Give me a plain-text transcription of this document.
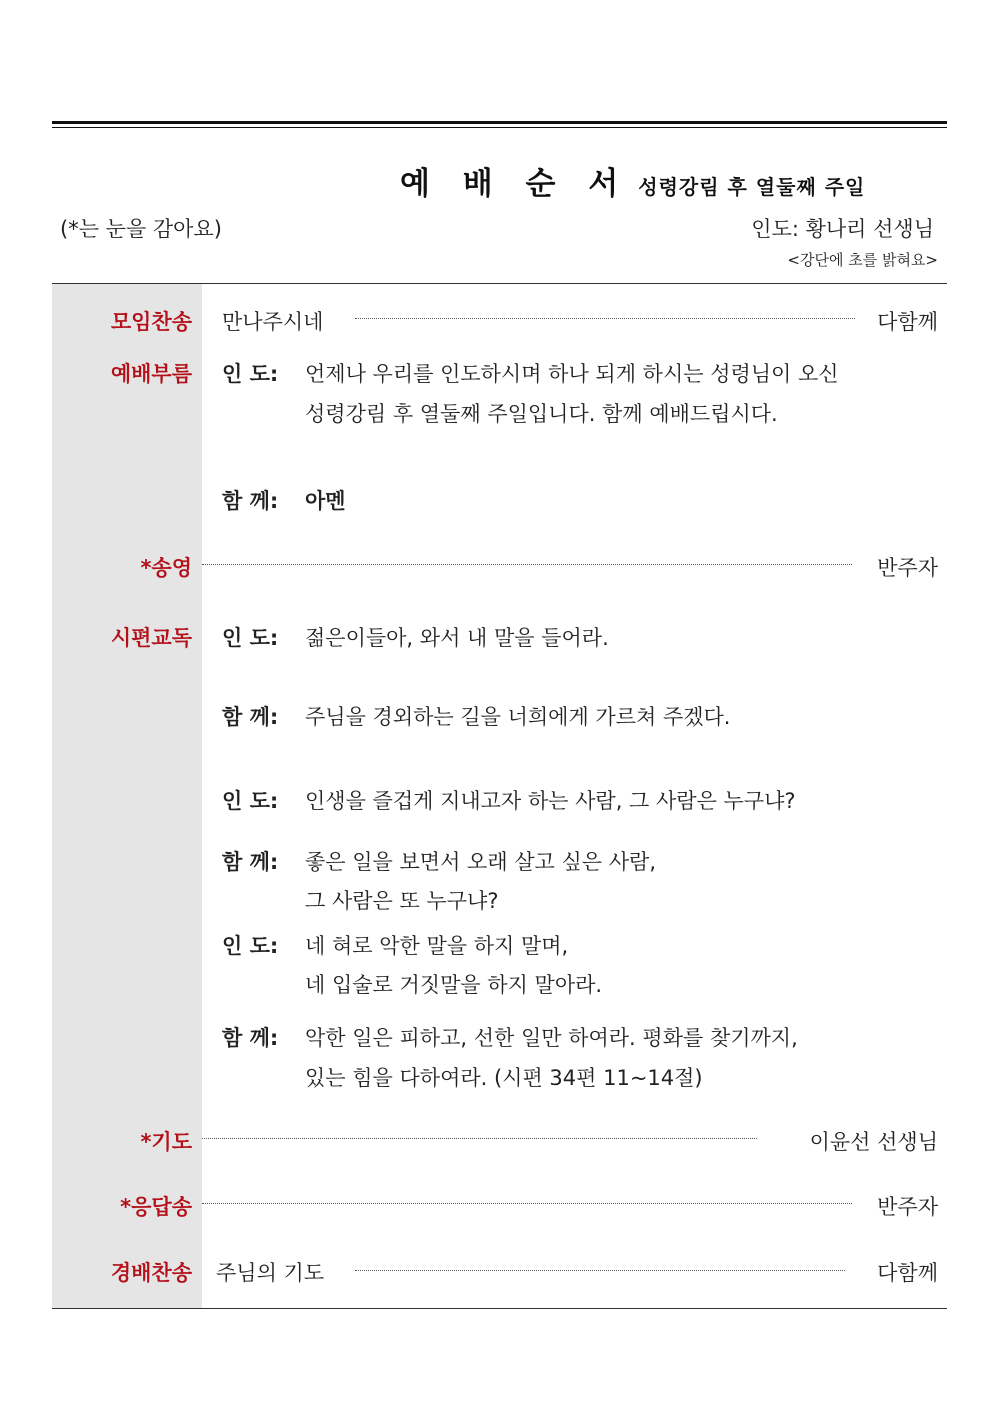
예 배 순 서 성령강림 후 열둘째 주일
(*는 눈을 감아요)	인도: 황나리 선생님
<강단에 초를 밝혀요>
모임찬송 만나주시네	다함께
예배부름 인 도: 언제나 우리를 인도하시며 하나 되게 하시는 성령님이 오신
성령강림 후 열둘째 주일입니다. 함께 예배드립시다.
함 께: 아멘
*송영	반주자
시편교독 인 도: 젊은이들아, 와서 내 말을 들어라.
함 께: 주님을 경외하는 길을 너희에게 가르쳐 주겠다.
인 도: 인생을 즐겁게 지내고자 하는 사람, 그 사람은 누구냐?
함 께: 좋은 일을 보면서 오래 살고 싶은 사람,
그 사람은 또 누구냐?
인 도: 네 혀로 악한 말을 하지 말며,
네 입술로 거짓말을 하지 말아라.
함 께: 악한 일은 피하고, 선한 일만 하여라. 평화를 찾기까지,
있는 힘을 다하여라. (시편 34편 11~14절)
*기도	이윤선 선생님
*응답송	반주자
경배찬송 주님의 기도	다함께
